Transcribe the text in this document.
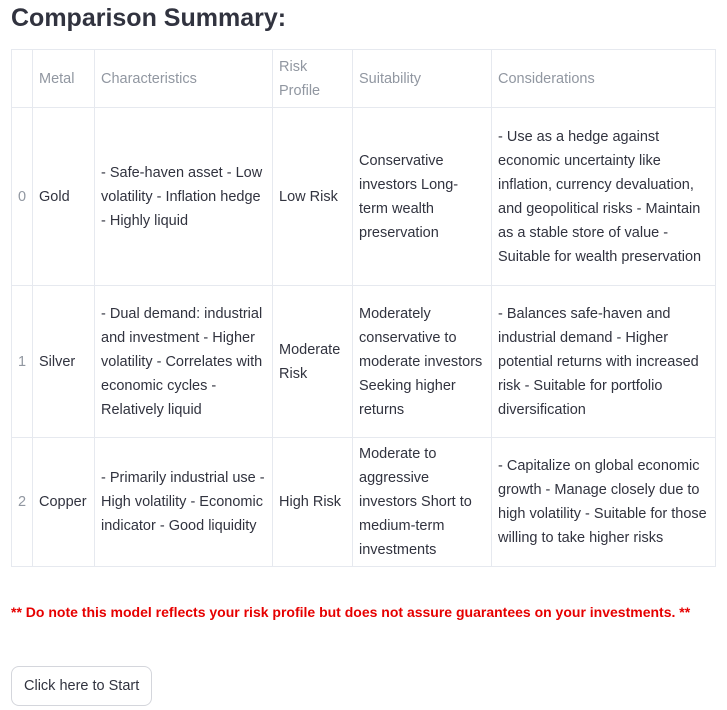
Comparison Summary:
	Metal	Characteristics	Risk Profile	Suitability	Considerations
0	Gold	- Safe-haven asset - Low volatility - Inflation hedge - Highly liquid	Low Risk	Conservative investors Long-term wealth preservation	- Use as a hedge against economic uncertainty like inflation, currency devaluation, and geopolitical risks - Maintain as a stable store of value - Suitable for wealth preservation
1	Silver	- Dual demand: industrial and investment - Higher volatility - Correlates with economic cycles - Relatively liquid	Moderate Risk	Moderately conservative to moderate investors Seeking higher returns	- Balances safe-haven and industrial demand - Higher potential returns with increased risk - Suitable for portfolio diversification
2	Copper	- Primarily industrial use - High volatility - Economic indicator - Good liquidity	High Risk	Moderate to aggressive investors Short to medium-term investments	- Capitalize on global economic growth - Manage closely due to high volatility - Suitable for those willing to take higher risks

** Do note this model reflects your risk profile but does not assure guarantees on your investments. **

Click here to Start
